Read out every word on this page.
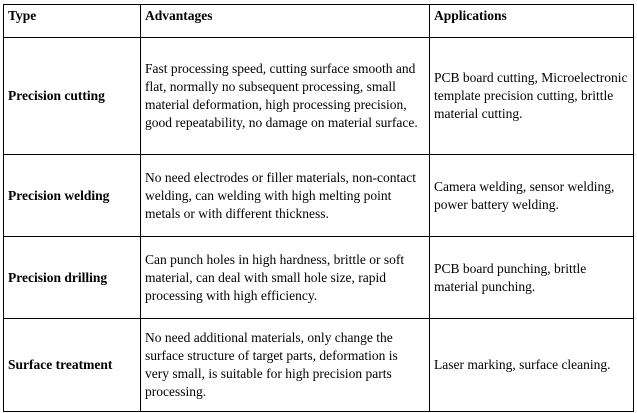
Type	Advantages	Applications
Precision cutting	Fast processing speed, cutting surface smooth and flat, normally no subsequent processing, small material deformation, high processing precision, good repeatability, no damage on material surface.	PCB board cutting, Microelectronic template precision cutting, brittle material cutting.
Precision welding	No need electrodes or filler materials, non-contact welding, can welding with high melting point metals or with different thickness.	Camera welding, sensor welding, power battery welding.
Precision drilling	Can punch holes in high hardness, brittle or soft material, can deal with small hole size, rapid processing with high efficiency.	PCB board punching, brittle material punching.
Surface treatment	No need additional materials, only change the surface structure of target parts, deformation is very small, is suitable for high precision parts processing.	Laser marking, surface cleaning.
